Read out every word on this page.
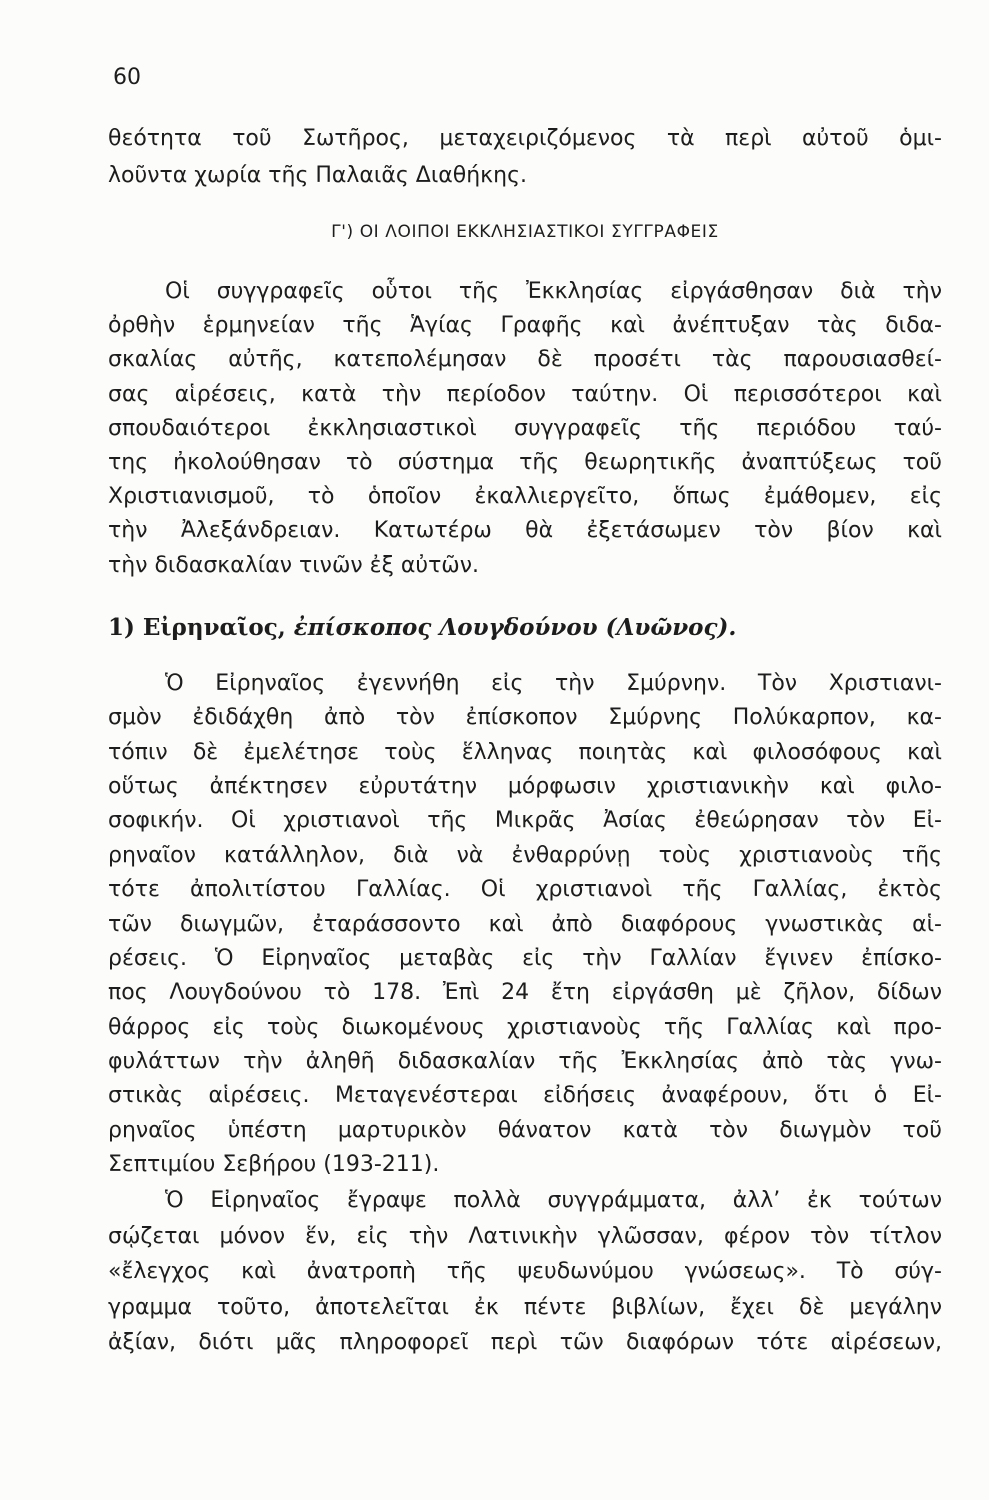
60
θεότητα τοῦ Σωτῆρος, μεταχειριζόμενος τὰ περὶ αὐτοῦ ὁμι-
λοῦντα χωρία τῆς Παλαιᾶς Διαθήκης.
Γ') ΟΙ ΛΟΙΠΟΙ ΕΚΚΛΗΣΙΑΣΤΙΚΟΙ ΣΥΓΓΡΑΦΕΙΣ
Οἱ συγγραφεῖς οὗτοι τῆς Ἐκκλησίας εἰργάσθησαν διὰ τὴν
ὀρθὴν ἑρμηνείαν τῆς Ἁγίας Γραφῆς καὶ ἀνέπτυξαν τὰς διδα-
σκαλίας αὐτῆς, κατεπολέμησαν δὲ προσέτι τὰς παρουσιασθεί-
σας αἱρέσεις, κατὰ τὴν περίοδον ταύτην. Οἱ περισσότεροι καὶ
σπουδαιότεροι ἐκκλησιαστικοὶ συγγραφεῖς τῆς περιόδου ταύ-
της ἠκολούθησαν τὸ σύστημα τῆς θεωρητικῆς ἀναπτύξεως τοῦ
Χριστιανισμοῦ, τὸ ὁποῖον ἐκαλλιεργεῖτο, ὅπως ἐμάθομεν, εἰς
τὴν Ἀλεξάνδρειαν. Κατωτέρω θὰ ἐξετάσωμεν τὸν βίον καὶ
τὴν διδασκαλίαν τινῶν ἐξ αὐτῶν.
1) Εἰρηναῖος, ἐπίσκοπος Λουγδούνου (Λυῶνος).
Ὁ Εἰρηναῖος ἐγεννήθη εἰς τὴν Σμύρνην. Τὸν Χριστιανι-
σμὸν ἐδιδάχθη ἀπὸ τὸν ἐπίσκοπον Σμύρνης Πολύκαρπον, κα-
τόπιν δὲ ἐμελέτησε τοὺς ἕλληνας ποιητὰς καὶ φιλοσόφους καὶ
οὕτως ἀπέκτησεν εὐρυτάτην μόρφωσιν χριστιανικὴν καὶ φιλο-
σοφικήν. Οἱ χριστιανοὶ τῆς Μικρᾶς Ἀσίας ἐθεώρησαν τὸν Εἰ-
ρηναῖον κατάλληλον, διὰ νὰ ἐνθαρρύνῃ τοὺς χριστιανοὺς τῆς
τότε ἀπολιτίστου Γαλλίας. Οἱ χριστιανοὶ τῆς Γαλλίας, ἐκτὸς
τῶν διωγμῶν, ἐταράσσοντο καὶ ἀπὸ διαφόρους γνωστικὰς αἱ-
ρέσεις. Ὁ Εἰρηναῖος μεταβὰς εἰς τὴν Γαλλίαν ἔγινεν ἐπίσκο-
πος Λουγδούνου τὸ 178. Ἐπὶ 24 ἔτη εἰργάσθη μὲ ζῆλον, δίδων
θάρρος εἰς τοὺς διωκομένους χριστιανοὺς τῆς Γαλλίας καὶ προ-
φυλάττων τὴν ἀληθῆ διδασκαλίαν τῆς Ἐκκλησίας ἀπὸ τὰς γνω-
στικὰς αἱρέσεις. Μεταγενέστεραι εἰδήσεις ἀναφέρουν, ὅτι ὁ Εἰ-
ρηναῖος ὑπέστη μαρτυρικὸν θάνατον κατὰ τὸν διωγμὸν τοῦ
Σεπτιμίου Σεβήρου (193-211).
Ὁ Εἰρηναῖος ἔγραψε πολλὰ συγγράμματα, ἀλλ’ ἐκ τούτων
σῴζεται μόνον ἕν, εἰς τὴν Λατινικὴν γλῶσσαν, φέρον τὸν τίτλον
«ἔλεγχος καὶ ἀνατροπὴ τῆς ψευδωνύμου γνώσεως». Τὸ σύγ-
γραμμα τοῦτο, ἀποτελεῖται ἐκ πέντε βιβλίων, ἔχει δὲ μεγάλην
ἀξίαν, διότι μᾶς πληροφορεῖ περὶ τῶν διαφόρων τότε αἱρέσεων,
